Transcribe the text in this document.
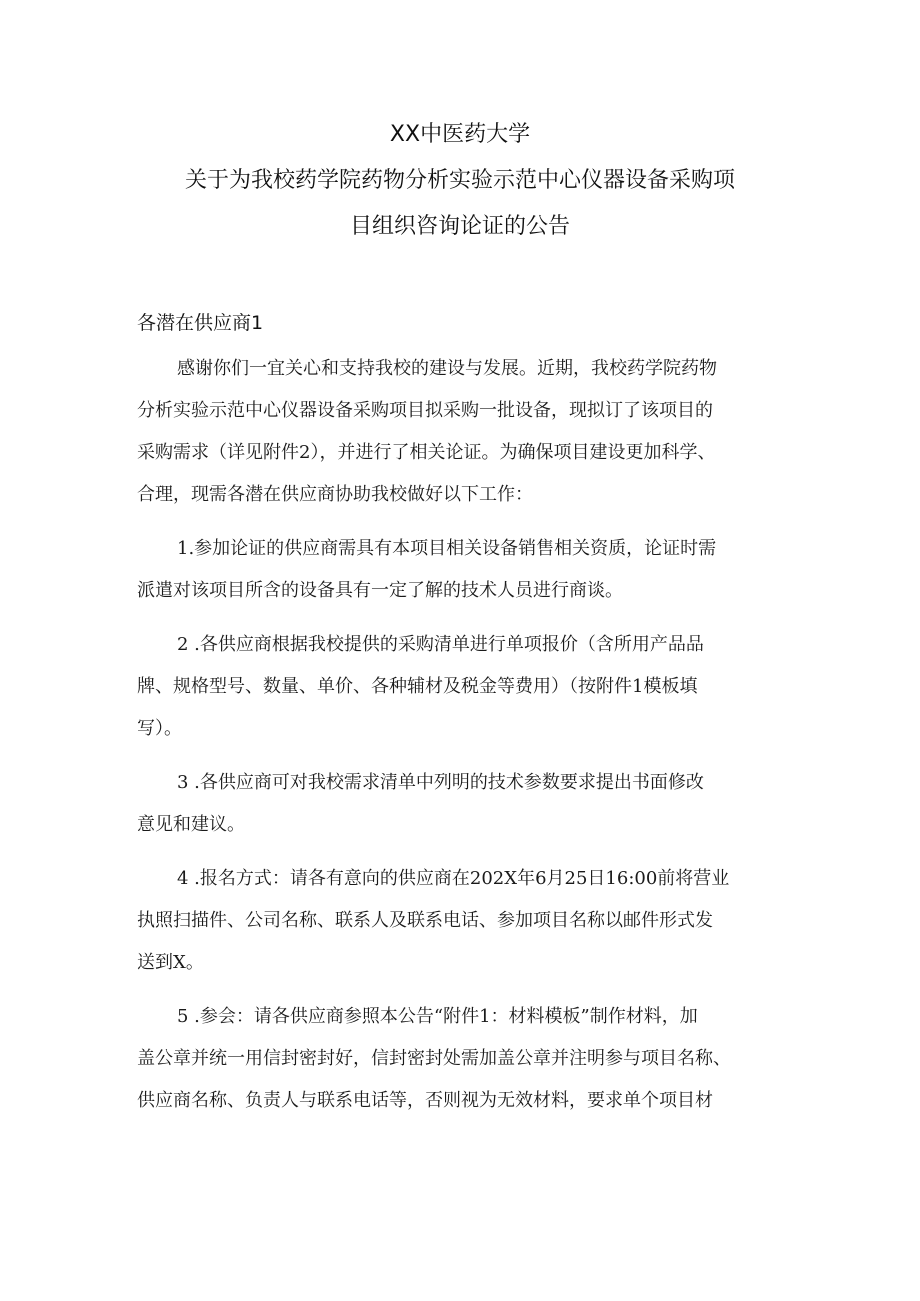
XX中医药大学
关于为我校药学院药物分析实验示范中心仪器设备采购项
目组织咨询论证的公告
各潜在供应商1
感谢你们一宜关心和支持我校的建设与发展。近期，我校药学院药物
分析实验示范中心仪器设备采购项目拟采购一批设备，现拟订了该项目的
采购需求（详见附件2），并进行了相关论证。为确保项目建设更加科学、
合理，现需各潜在供应商协助我校做好以下工作：
1.参加论证的供应商需具有本项目相关设备销售相关资质，论证时需
派遣对该项目所含的设备具有一定了解的技术人员进行商谈。
2 .各供应商根据我校提供的采购清单进行单项报价（含所用产品品
牌、规格型号、数量、单价、各种辅材及税金等费用）（按附件1模板填
写）。
3 .各供应商可对我校需求清单中列明的技术参数要求提出书面修改
意见和建议。
4 .报名方式：请各有意向的供应商在202X年6月25日16:00前将营业
执照扫描件、公司名称、联系人及联系电话、参加项目名称以邮件形式发
送到X。
5 .参会：请各供应商参照本公告“附件1：材料模板”制作材料，加
盖公章并统一用信封密封好，信封密封处需加盖公章并注明参与项目名称、
供应商名称、负责人与联系电话等，否则视为无效材料，要求单个项目材
